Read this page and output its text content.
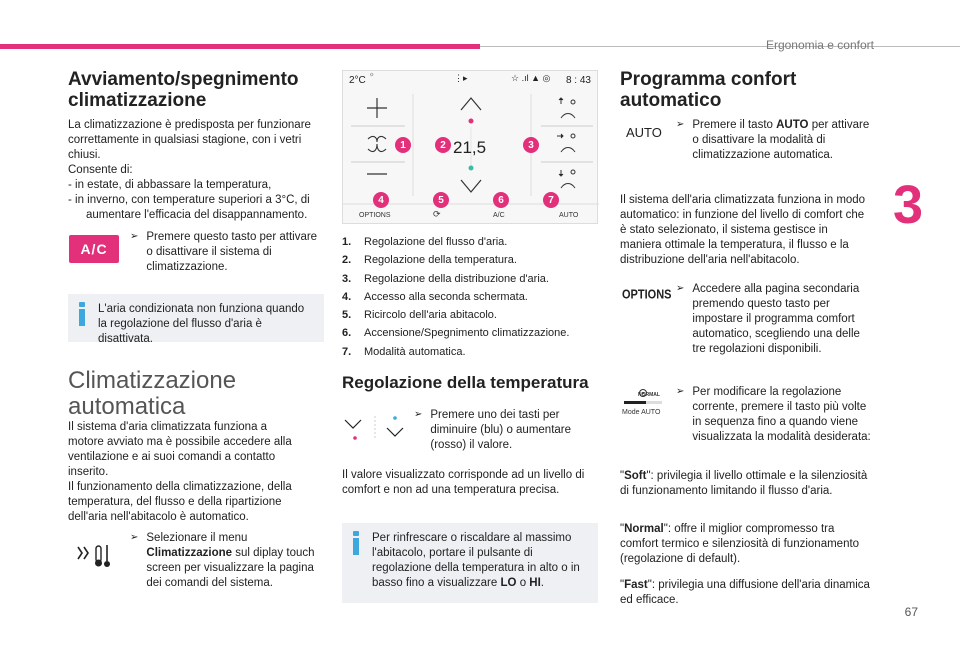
Ergonomia e confort
3
67
Avviamento/spegnimento climatizzazione

La climatizzazione è predisposta per funzionare

correttamente in qualsiasi stagione, con i vetri

chiusi.

Consente di:

- in estate, di abbassare la temperatura,

- in inverno, con temperature superiori a 3°C, di

aumentare l'efficacia del disappannamento.

A/C
➢ Premere questo tasto per attivare o disattivare il sistema di climatizzazione.
L'aria condizionata non funziona quando la regolazione del flusso d'aria è disattivata.
Climatizzazione automatica

Il sistema d'aria climatizzata funziona a

motore avviato ma è possibile accedere alla

ventilazione e ai suoi comandi a contatto

inserito.

Il funzionamento della climatizzazione, della

temperatura, del flusso e della ripartizione

dell'aria nell'abitacolo è automatico.

➢ Selezionare il menu Climatizzazione sul diplay touch screen per visualizzare la pagina dei comandi del sistema.
2°C ☼	⋮▸	☆ .ıl ▲ ◎ 8 : 43
21,5
OPTIONS	⟳	A/C	AUTO
1	2	3
4	5	6	7
1.	Regolazione del flusso d'aria.
2.	Regolazione della temperatura.
3.	Regolazione della distribuzione d'aria.
4.	Accesso alla seconda schermata.
5.	Ricircolo dell'aria abitacolo.
6.	Accensione/Spegnimento climatizzazione.
7.	Modalità automatica.
Regolazione della temperatura
➢ Premere uno dei tasti per diminuire (blu) o aumentare (rosso) il valore.

Il valore visualizzato corrisponde ad un livello di comfort e non ad una temperatura precisa.

Per rinfrescare o riscaldare al massimo l'abitacolo, portare il pulsante di regolazione della temperatura in alto o in basso fino a visualizzare LO o HI.
Programma confort automatico
AUTO
➢ Premere il tasto AUTO per attivare o disattivare la modalità di climatizzazione automatica.

Il sistema dell'aria climatizzata funziona in modo automatico: in funzione del livello di comfort che è stato selezionato, il sistema gestisce in maniera ottimale la temperatura, il flusso e la distribuzione dell'aria nell'abitacolo.

OPTIONS ➢ Accedere alla pagina secondaria premendo questo tasto per impostare il programma comfort automatico, scegliendo una delle tre regolazioni disponibili.
NORMAL
Mode AUTO
➢ Per modificare la regolazione corrente, premere il tasto più volte in sequenza fino a quando viene visualizzata la modalità desiderata:

"Soft": privilegia il livello ottimale e la silenziosità di funzionamento limitando il flusso d'aria.

"Normal": offre il miglior compromesso tra comfort termico e silenziosità di funzionamento (regolazione di default).

"Fast": privilegia una diffusione dell'aria dinamica ed efficace.
